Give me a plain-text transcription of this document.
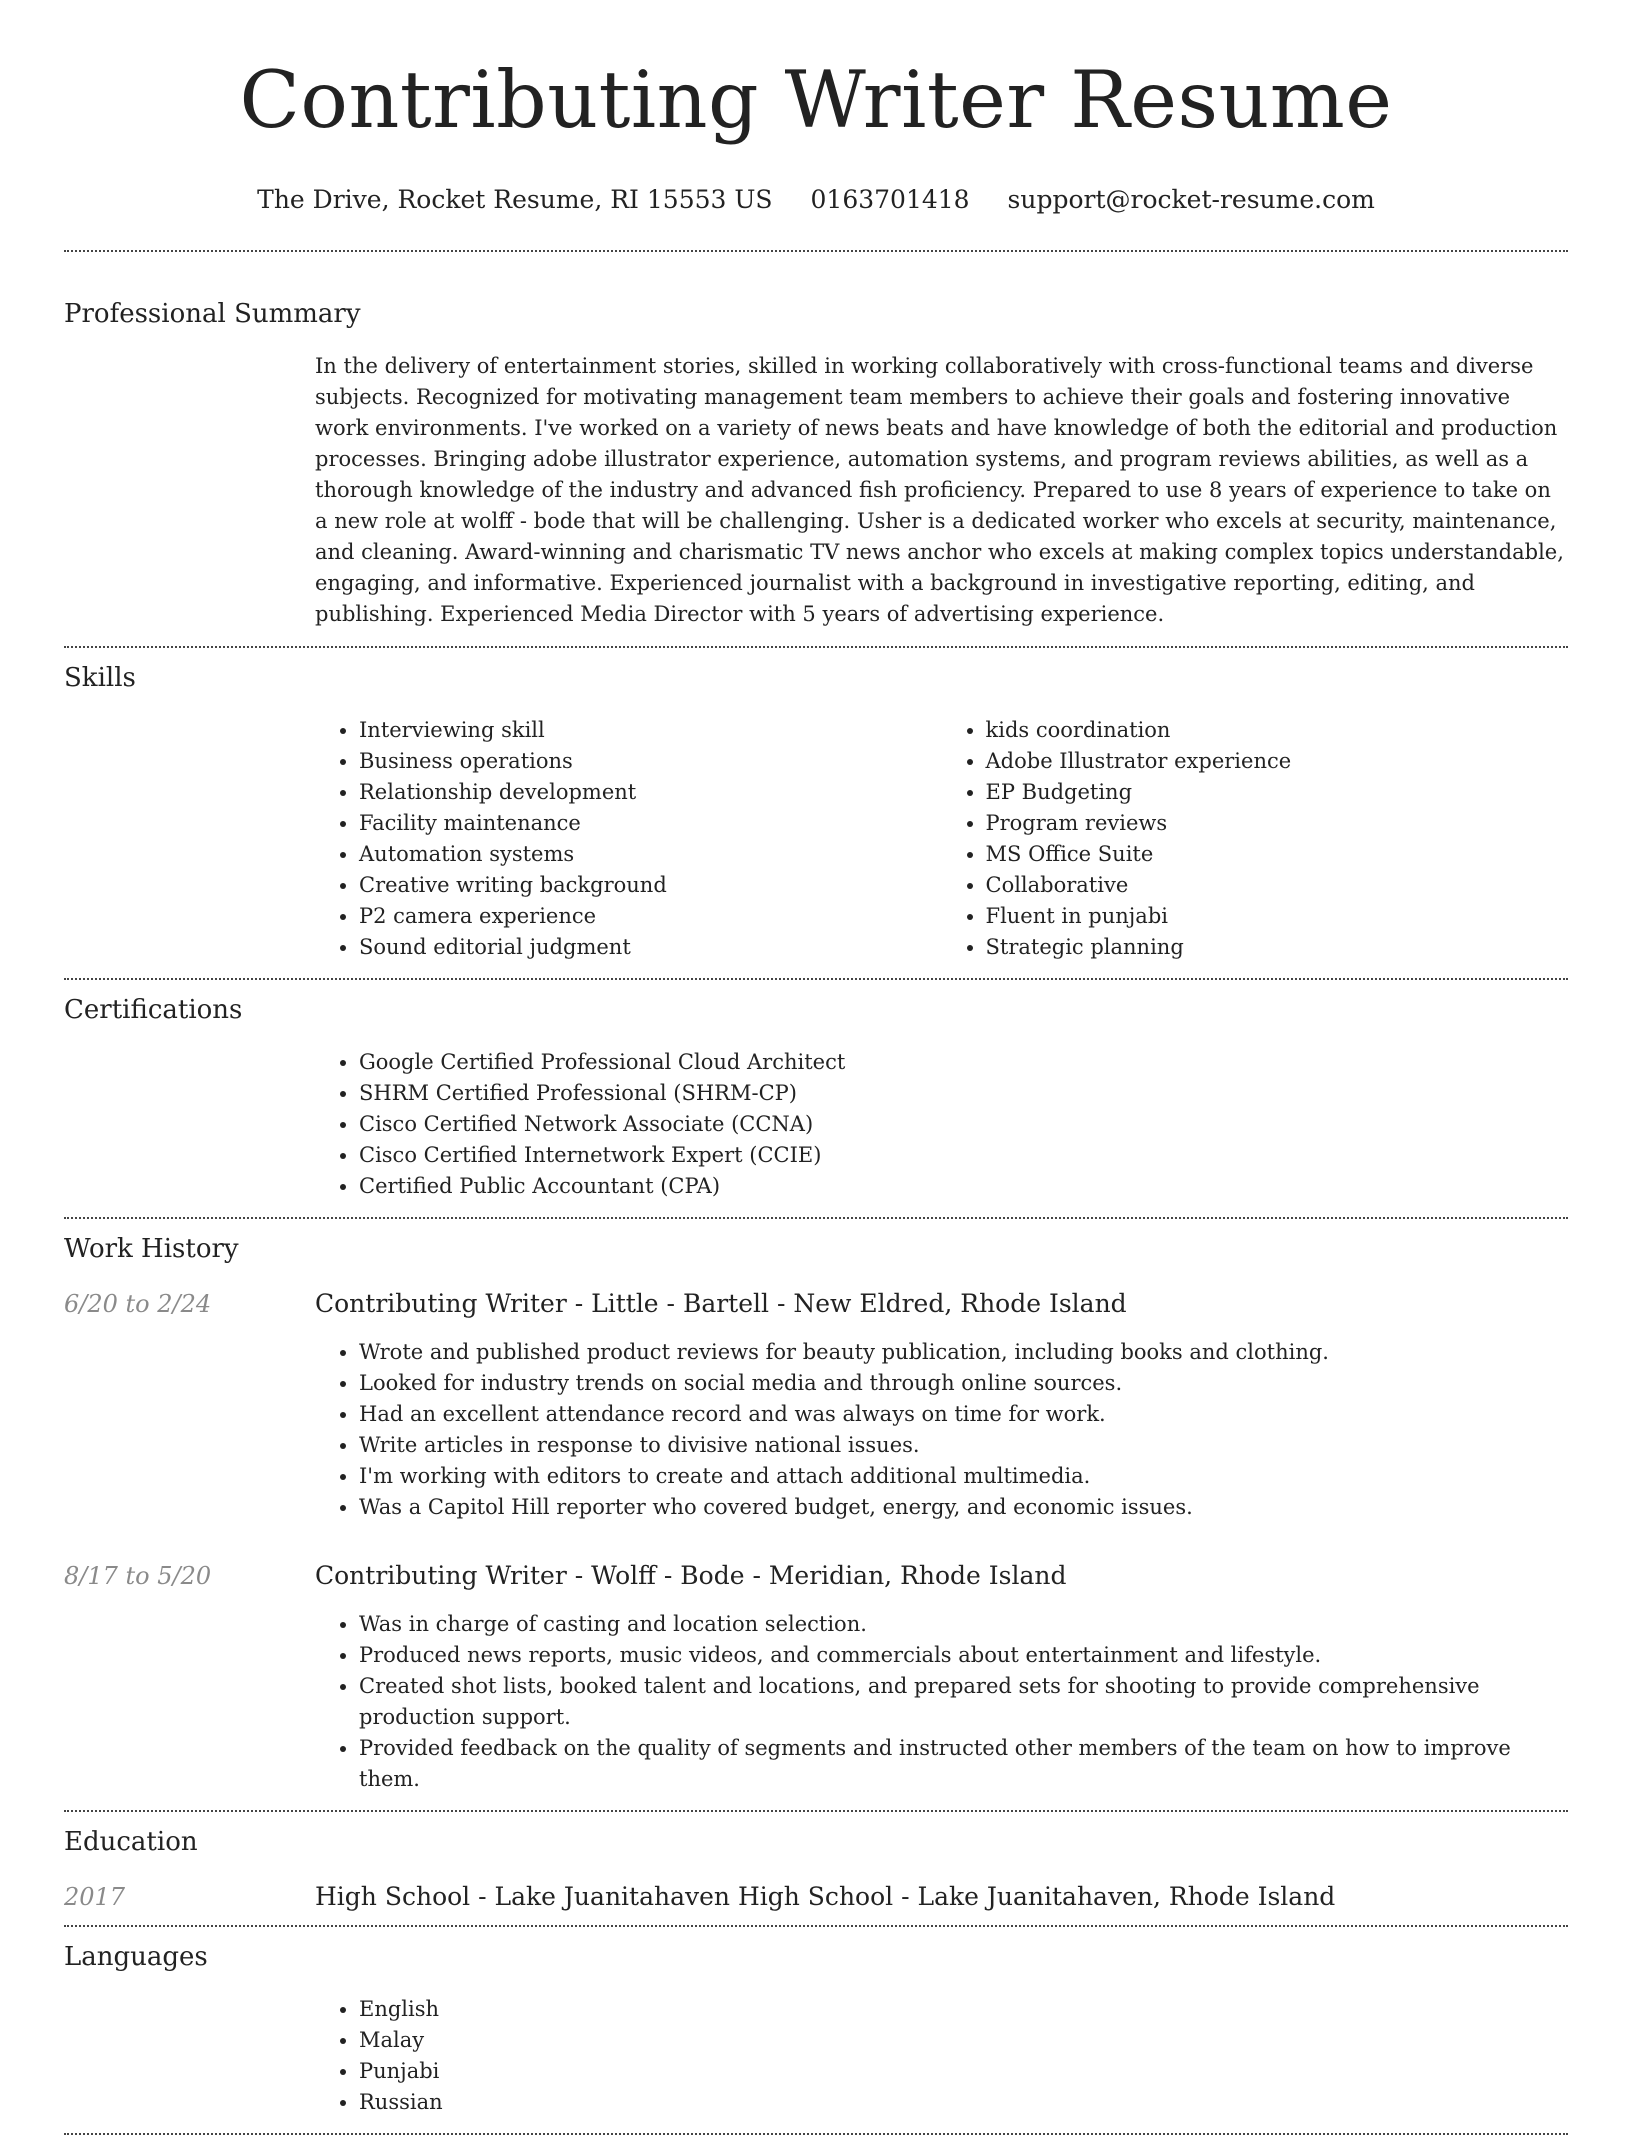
Contributing Writer Resume
The Drive, Rocket Resume, RI 15553 US 0163701418 support@rocket-resume.com
Professional Summary

In the delivery of entertainment stories, skilled in working collaboratively with cross-functional teams and diverse subjects. Recognized for motivating management team members to achieve their goals and fostering innovative work environments. I've worked on a variety of news beats and have knowledge of both the editorial and production processes. Bringing adobe illustrator experience, automation systems, and program reviews abilities, as well as a thorough knowledge of the industry and advanced fish proficiency. Prepared to use 8 years of experience to take on a new role at wolff - bode that will be challenging. Usher is a dedicated worker who excels at security, maintenance, and cleaning. Award-winning and charismatic TV news anchor who excels at making complex topics understandable, engaging, and informative. Experienced journalist with a background in investigative reporting, editing, and publishing. Experienced Media Director with 5 years of advertising experience.

Skills
• Interviewing skill
• Business operations
• Relationship development
• Facility maintenance
• Automation systems
• Creative writing background
• P2 camera experience
• Sound editorial judgment
• kids coordination
• Adobe Illustrator experience
• EP Budgeting
• Program reviews
• MS Office Suite
• Collaborative
• Fluent in punjabi
• Strategic planning
Certifications
• Google Certified Professional Cloud Architect
• SHRM Certified Professional (SHRM-CP)
• Cisco Certified Network Associate (CCNA)
• Cisco Certified Internetwork Expert (CCIE)
• Certified Public Accountant (CPA)
Work History
6/20 to 2/24	Contributing Writer - Little - Bartell - New Eldred, Rhode Island
• Wrote and published product reviews for beauty publication, including books and clothing.
• Looked for industry trends on social media and through online sources.
• Had an excellent attendance record and was always on time for work.
• Write articles in response to divisive national issues.
• I'm working with editors to create and attach additional multimedia.
• Was a Capitol Hill reporter who covered budget, energy, and economic issues.
8/17 to 5/20	Contributing Writer - Wolff - Bode - Meridian, Rhode Island
• Was in charge of casting and location selection.
• Produced news reports, music videos, and commercials about entertainment and lifestyle.
• Created shot lists, booked talent and locations, and prepared sets for shooting to provide comprehensive production support.
• Provided feedback on the quality of segments and instructed other members of the team on how to improve them.
Education
2017	High School - Lake Juanitahaven High School - Lake Juanitahaven, Rhode Island
Languages
• English
• Malay
• Punjabi
• Russian
